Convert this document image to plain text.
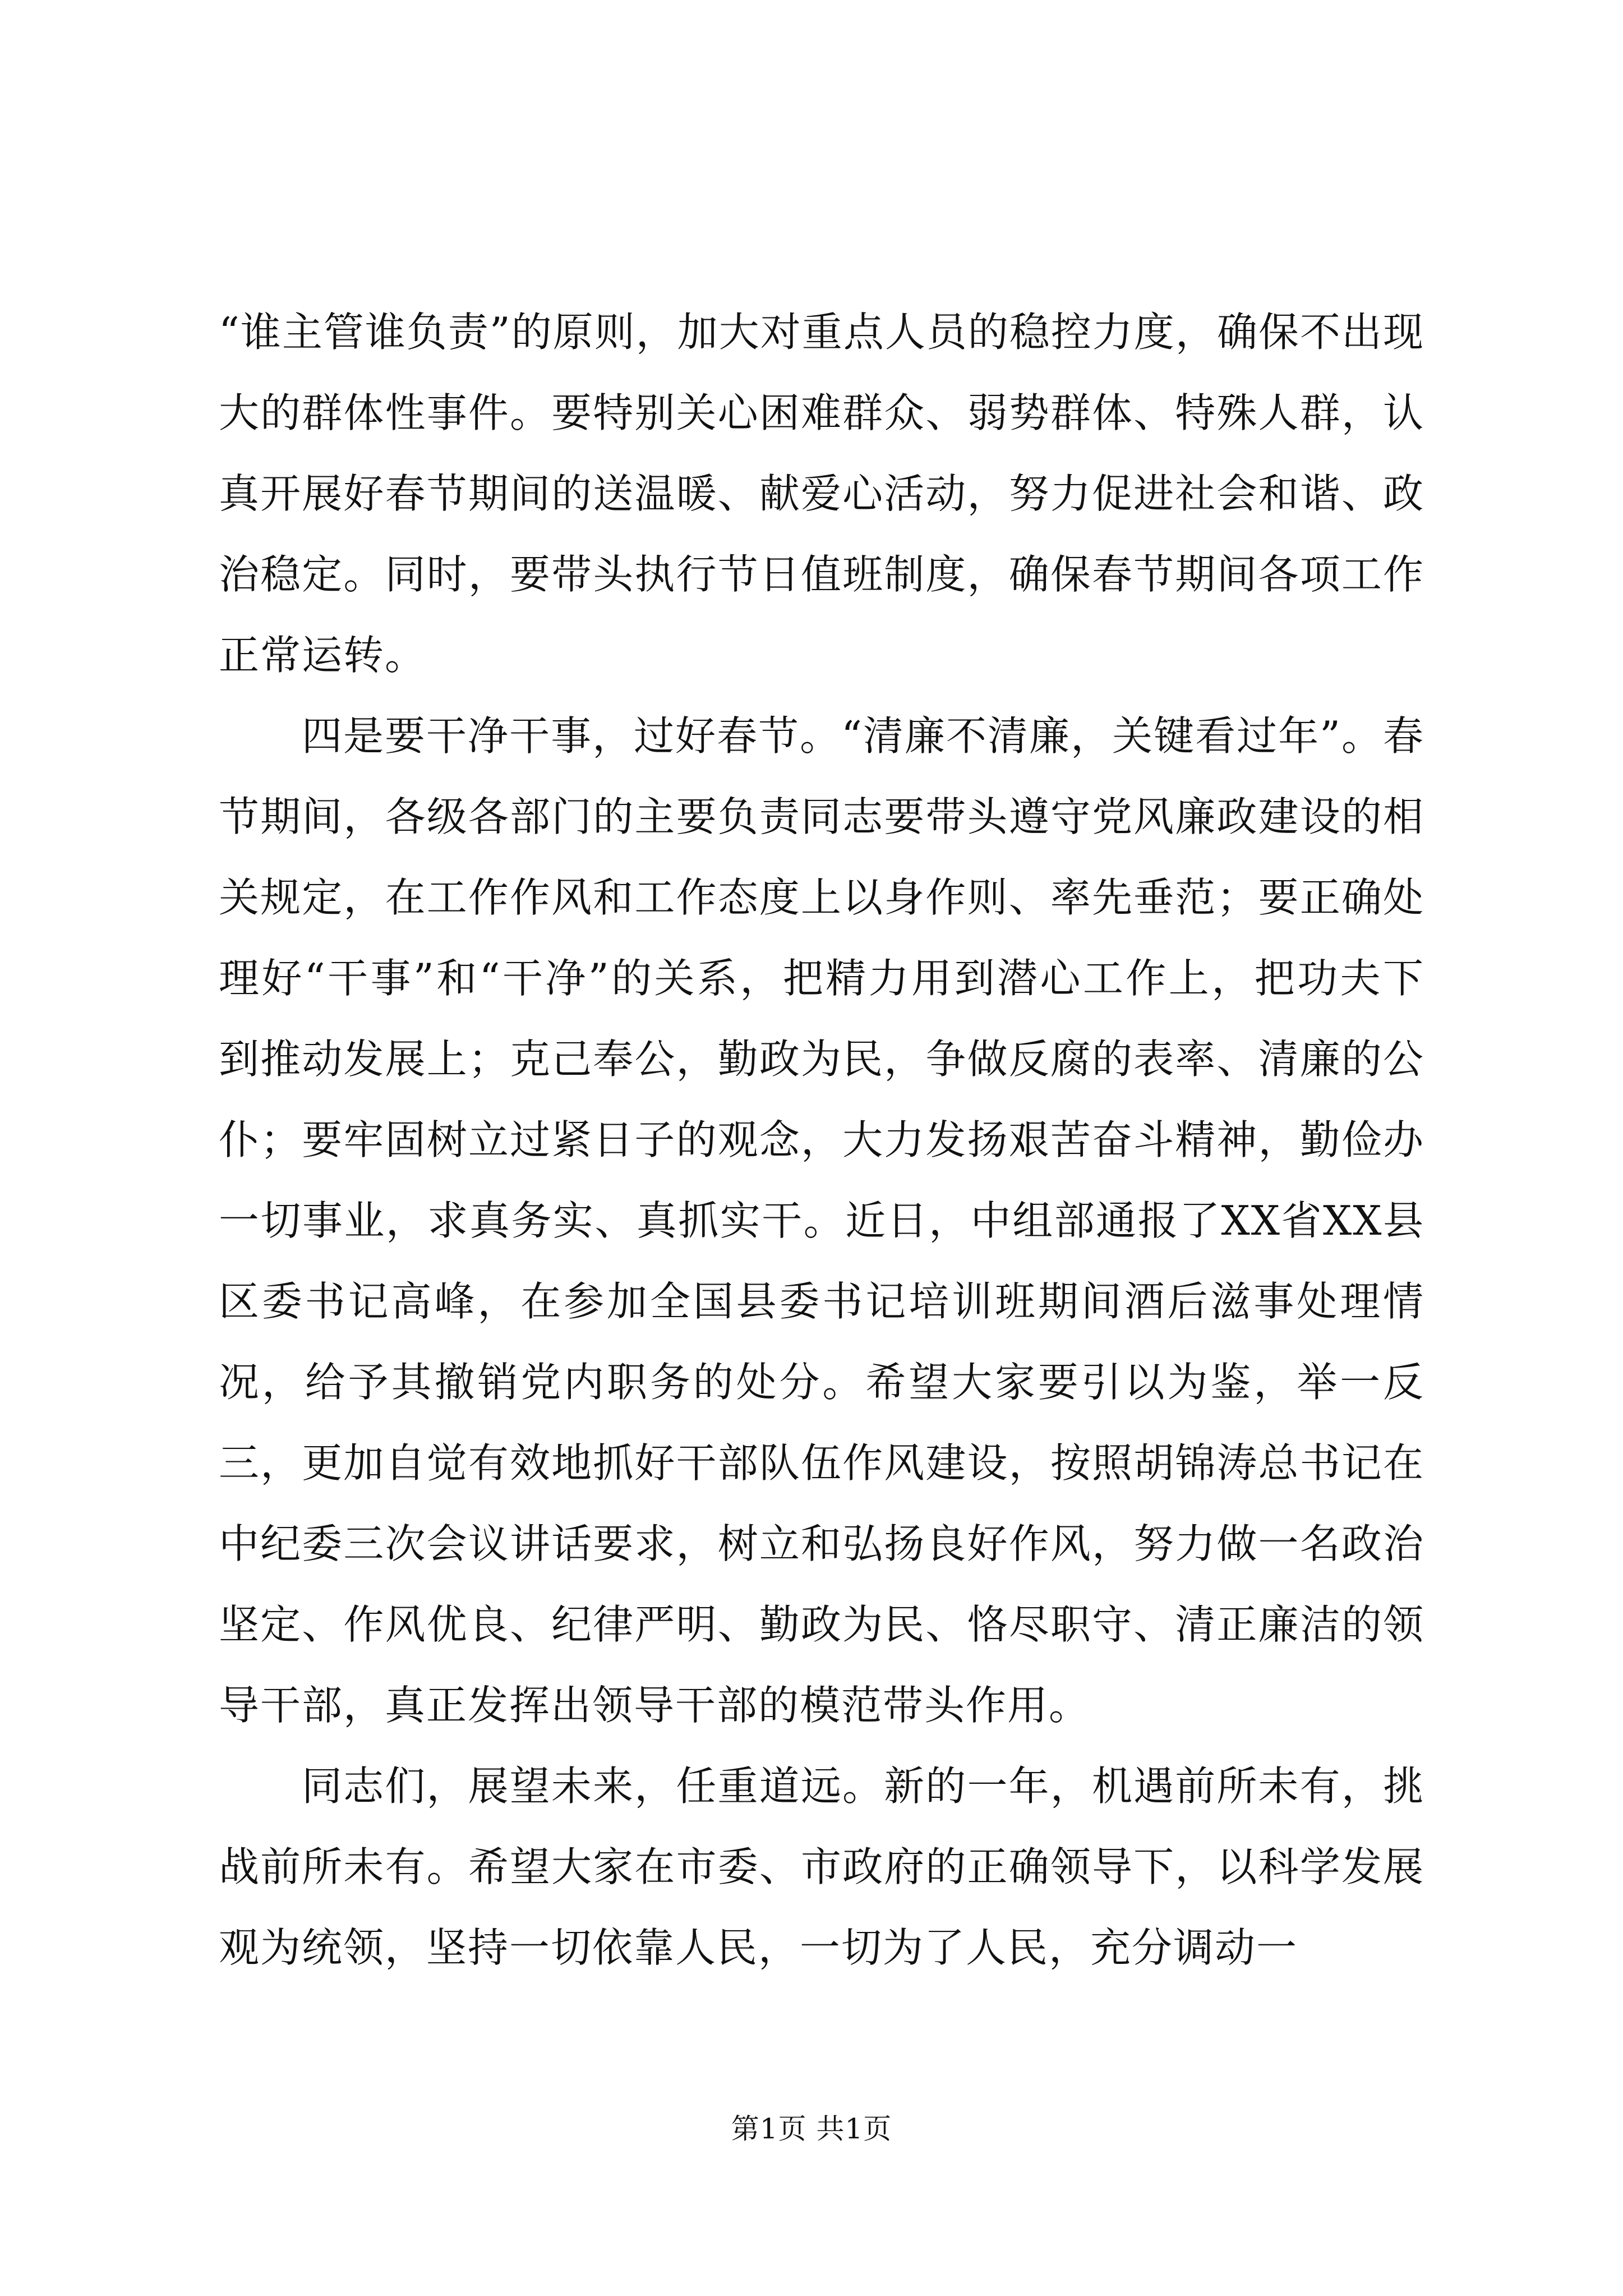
“谁主管谁负责”的原则，加大对重点人员的稳控力度，确保不出现大的群体性事件。要特别关心困难群众、弱势群体、特殊人群，认真开展好春节期间的送温暖、献爱心活动，努力促进社会和谐、政治稳定。同时，要带头执行节日值班制度，确保春节期间各项工作正常运转。

四是要干净干事，过好春节。“清廉不清廉，关键看过年”。春节期间，各级各部门的主要负责同志要带头遵守党风廉政建设的相关规定，在工作作风和工作态度上以身作则、率先垂范；要正确处理好“干事”和“干净”的关系，把精力用到潜心工作上，把功夫下到推动发展上；克己奉公，勤政为民，争做反腐的表率、清廉的公仆；要牢固树立过紧日子的观念，大力发扬艰苦奋斗精神，勤俭办一切事业，求真务实、真抓实干。近日，中组部通报了XX省XX县区委书记高峰，在参加全国县委书记培训班期间酒后滋事处理情况，给予其撤销党内职务的处分。希望大家要引以为鉴，举一反三，更加自觉有效地抓好干部队伍作风建设，按照胡锦涛总书记在中纪委三次会议讲话要求，树立和弘扬良好作风，努力做一名政治坚定、作风优良、纪律严明、勤政为民、恪尽职守、清正廉洁的领导干部，真正发挥出领导干部的模范带头作用。

同志们，展望未来，任重道远。新的一年，机遇前所未有，挑战前所未有。希望大家在市委、市政府的正确领导下，以科学发展观为统领，坚持一切依靠人民，一切为了人民，充分调动一

第1页 共1页
